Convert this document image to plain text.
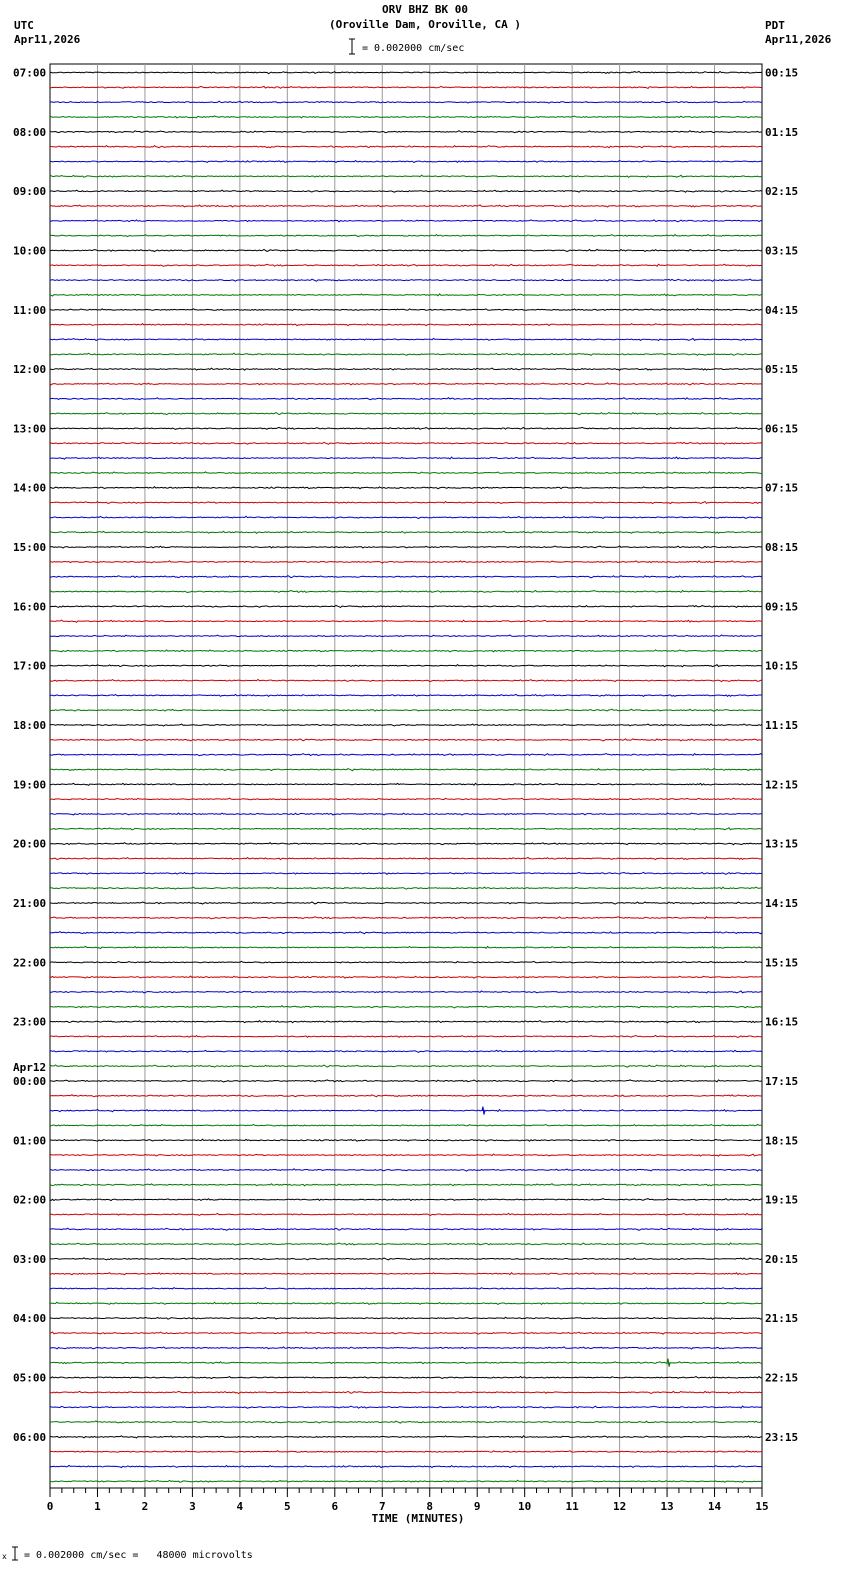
ORV BHZ BK 00
(Oroville Dam, Oroville, CA )
= 0.002000 cm/sec
UTC
Apr11,2026
PDT
Apr11,2026
07:00	00:15
08:00	01:15
09:00	02:15
10:00	03:15
11:00	04:15
12:00	05:15
13:00	06:15
14:00	07:15
15:00	08:15
16:00	09:15
17:00	10:15
18:00	11:15
19:00	12:15
20:00	13:15
21:00	14:15
22:00	15:15
23:00	16:15
00:00	17:15
01:00	18:15
02:00	19:15
03:00	20:15
04:00	21:15
05:00	22:15
06:00	23:15
Apr12
0	1	2	3	4	5	6	7	8	9	10	11	12	13	14	15
TIME (MINUTES)
x = 0.002000 cm/sec =   48000 microvolts
